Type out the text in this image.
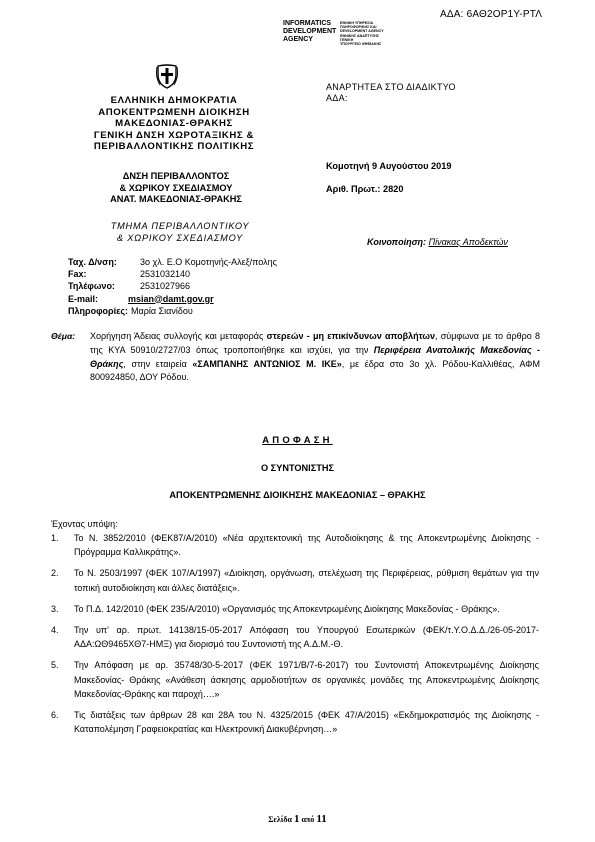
ΑΔΑ: 6ΑΘ2ΟΡ1Υ-ΡΤΛ
INFORMATICS
DEVELOPMENT
AGENCY
ΕΘΝΙΚΗ ΥΠΗΡΕΣΙΑ
ΠΛΗΡΟΦΟΡΙΚΗΣ ΚΑΙ
DEVELOPMENT AGENCY
ΕΘΝΙΚΗΣ ΑΝΑΠΤΥΞΗΣ
ΓΕΝΙΚΗ
ΥΠΟΥΡΓΕΙΟ ΨΗΦΙΑΚΗΣ
ΕΛΛΗΝΙΚΗ ΔΗΜΟΚΡΑΤΙΑ
ΑΠΟΚΕΝΤΡΩΜΕΝΗ ΔΙΟΙΚΗΣΗ
ΜΑΚΕΔΟΝΙΑΣ-ΘΡΑΚΗΣ
ΓΕΝΙΚΗ ΔΝΣΗ ΧΩΡΟΤΑΞΙΚΗΣ &
ΠΕΡΙΒΑΛΛΟΝΤΙΚΗΣ ΠΟΛΙΤΙΚΗΣ
ΑΝΑΡΤΗΤΕΑ ΣΤΟ ΔΙΑΔΙΚΤΥΟ
ΑΔΑ:
Κομοτηνή 9 Αυγούστου 2019
Αριθ. Πρωτ.: 2820
ΔΝΣΗ ΠΕΡΙΒΑΛΛΟΝΤΟΣ
& ΧΩΡΙΚΟΥ ΣΧΕΔΙΑΣΜΟΥ
ΑΝΑΤ. ΜΑΚΕΔΟΝΙΑΣ-ΘΡΑΚΗΣ
ΤΜΗΜΑ ΠΕΡΙΒΑΛΛΟΝΤΙΚΟΥ
& ΧΩΡΙΚΟΥ ΣΧΕΔΙΑΣΜΟΥ	Κοινοποίηση: Πίνακας Αποδεκτών
Ταχ. Δ/νση:	3ο χλ. Ε.Ο Κομοτηνής-Αλεξ/πολης
Fax:	2531032140
Τηλέφωνο:	2531027966
E-mail:	msian@damt.gov.gr
Πληροφορίες: Μαρία Σιανίδου
Θέμα: Χορήγηση Άδειας συλλογής και μεταφοράς στερεών - μη επικίνδυνων αποβλήτων, σύμφωνα με το άρθρο 8 της ΚΥΑ 50910/2727/03 όπως τροποποιήθηκε και ισχύει, για την Περιφέρεια Ανατολικής Μακεδονίας - Θράκης, στην εταιρεία «ΣΑΜΠΑΝΗΣ ΑΝΤΩΝΙΟΣ Μ. ΙΚΕ», με έδρα στο 3ο χλ. Ρόδου-Καλλιθέας, ΑΦΜ 800924850, ΔΟΥ Ρόδου.
ΑΠΟΦΑΣΗ
Ο ΣΥΝΤΟΝΙΣΤΗΣ
ΑΠΟΚΕΝΤΡΩΜΕΝΗΣ ΔΙΟΙΚΗΣΗΣ ΜΑΚΕΔΟΝΙΑΣ – ΘΡΑΚΗΣ
Έχοντας υπόψη:
1. Το Ν. 3852/2010 (ΦΕΚ87/Α/2010) «Νέα αρχιτεκτονική της Αυτοδιοίκησης & της Αποκεντρωμένης Διοίκησης - Πρόγραμμα Καλλικράτης».
2. Το Ν. 2503/1997 (ΦΕΚ 107/Α/1997) «Διοίκηση, οργάνωση, στελέχωση της Περιφέρειας, ρύθμιση θεμάτων για την τοπική αυτοδιοίκηση και άλλες διατάξεις».
3. Το Π.Δ. 142/2010 (ΦΕΚ 235/Α/2010) «Οργανισμός της Αποκεντρωμένης Διοίκησης Μακεδονίας - Θράκης».
4. Την υπ' αρ. πρωτ. 14138/15-05-2017 Απόφαση του Υπουργού Εσωτερικών (ΦΕΚ/τ.Υ.Ο.Δ.Δ./26-05-2017-ΑΔΑ:ΩΘ9465ΧΘ7-ΗΜΞ) για διορισμό του Συντονιστή της Α.Δ.Μ.-Θ.
5. Την Απόφαση με αρ. 35748/30-5-2017 (ΦΕΚ 1971/Β/7-6-2017) του Συντονιστή Αποκεντρωμένης Διοίκησης Μακεδονίας- Θράκης «Ανάθεση άσκησης αρμοδιοτήτων σε οργανικές μονάδες της Αποκεντρωμένης Διοίκησης Μακεδονίας-Θράκης και παροχή….»
6. Τις διατάξεις των άρθρων 28 και 28Α του Ν. 4325/2015 (ΦΕΚ 47/Α/2015) «Εκδημοκρατισμός της Διοίκησης - Καταπολέμηση Γραφειοκρατίας και Ηλεκτρονική Διακυβέρνηση…»
Σελίδα 1 από 11
